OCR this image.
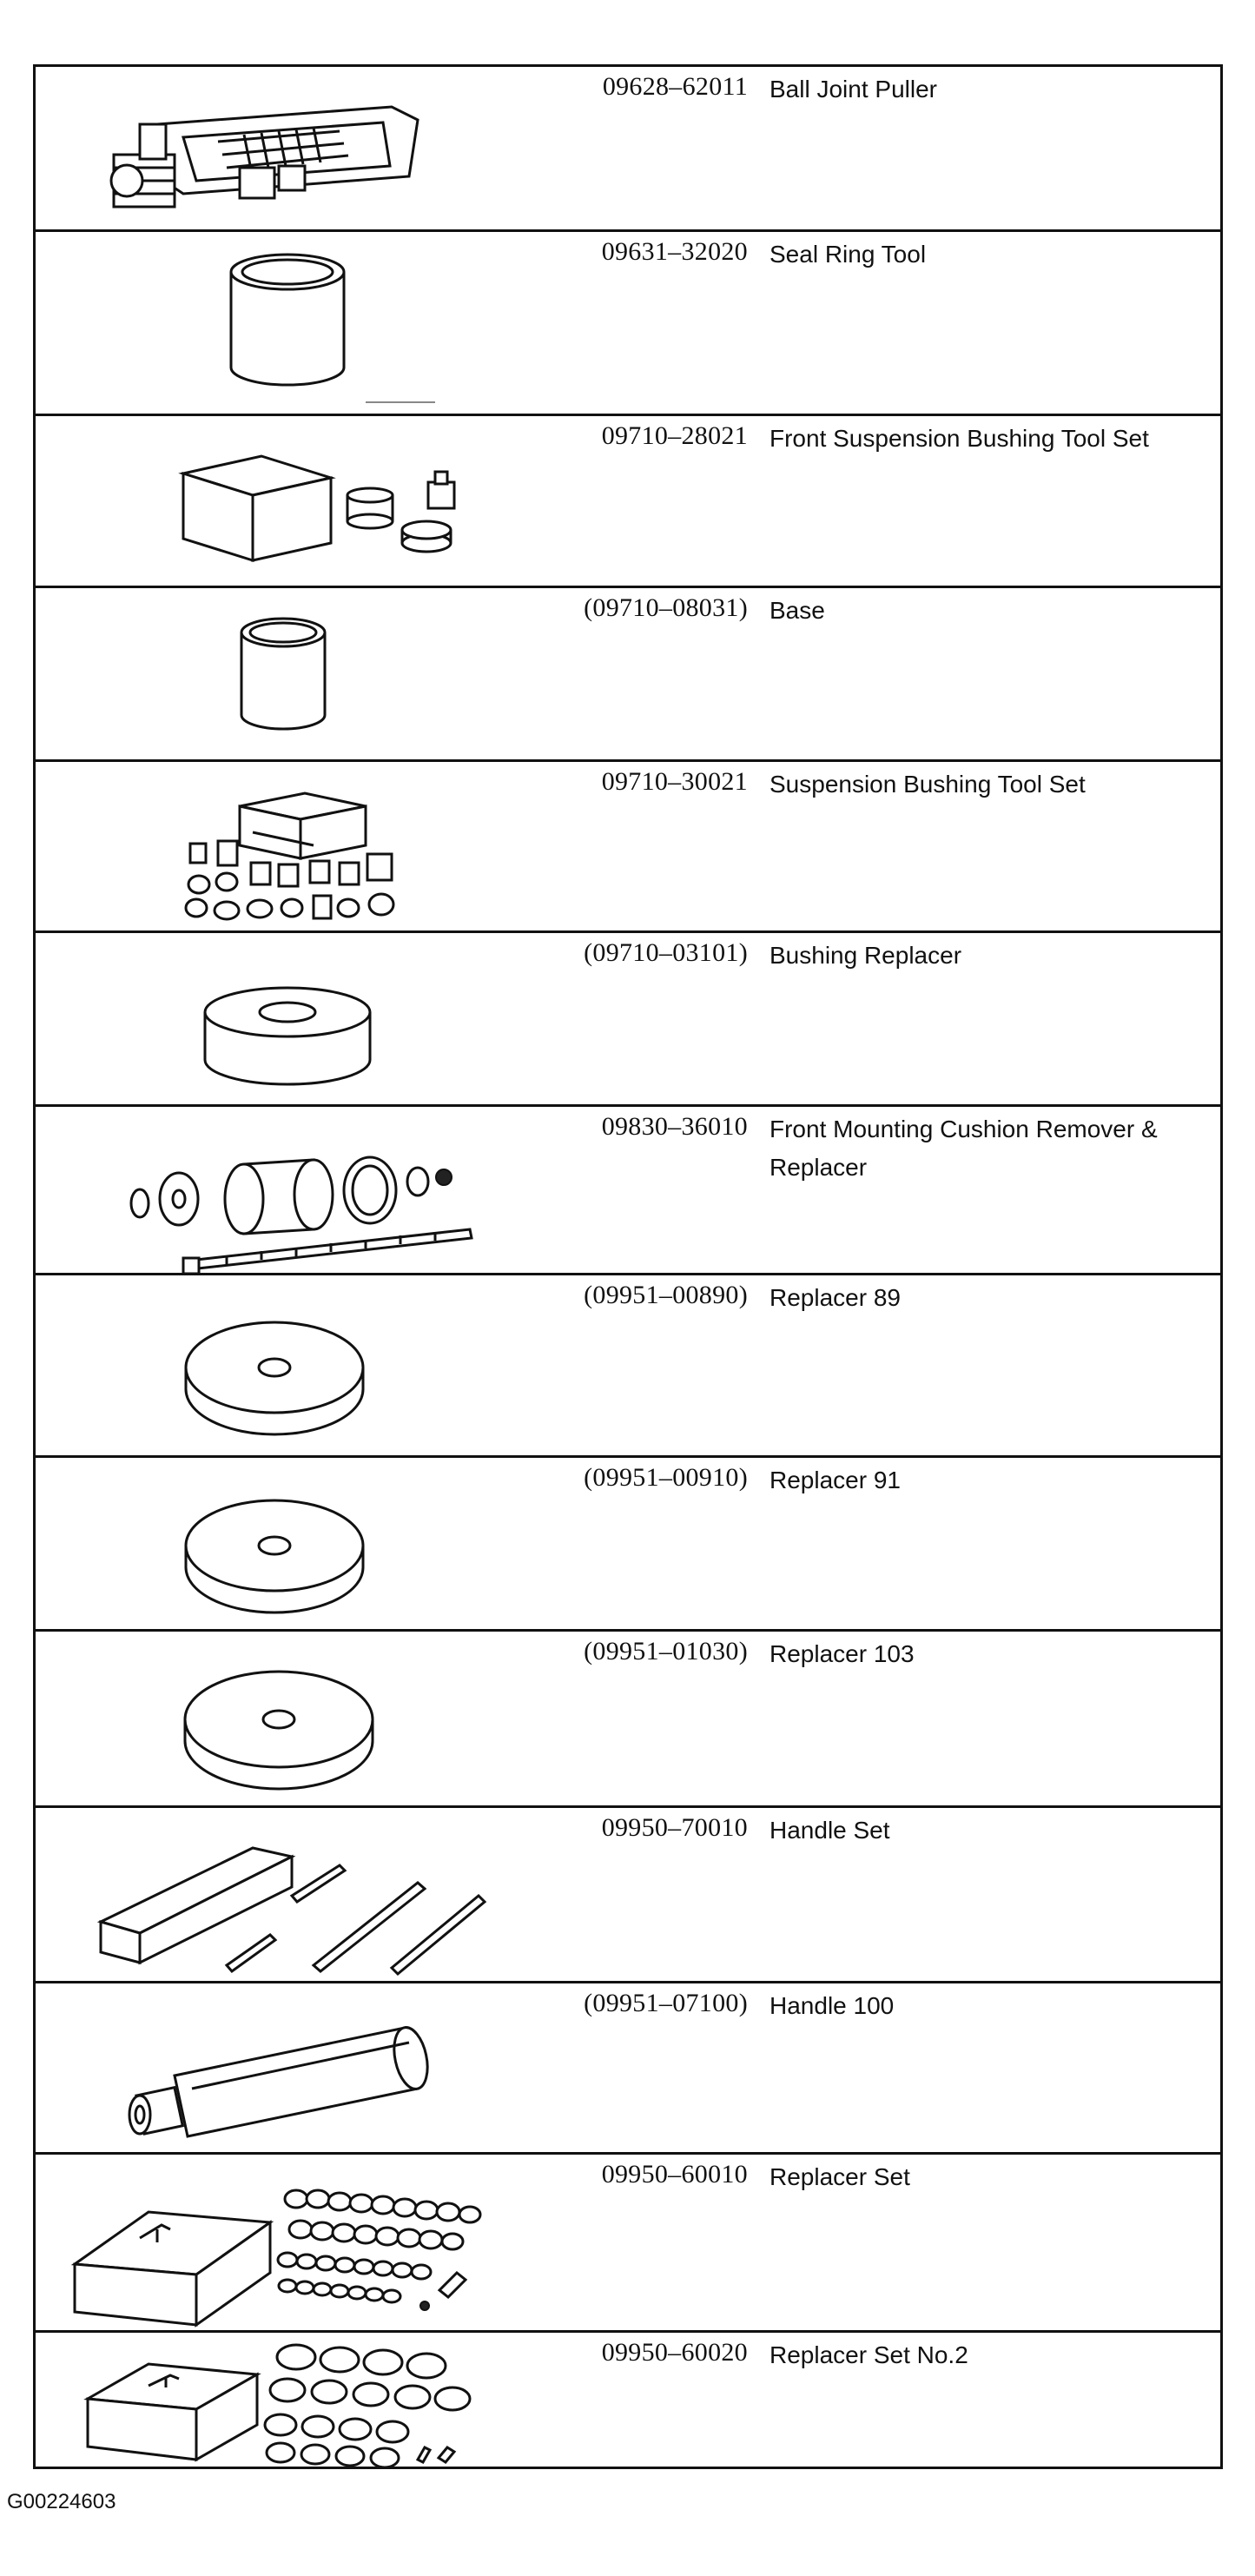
09628–62011 Ball Joint Puller
09631–32020 Seal Ring Tool
09710–28021 Front Suspension Bushing Tool Set
(09710–08031) Base
09710–30021 Suspension Bushing Tool Set
(09710–03101) Bushing Replacer
09830–36010 Front Mounting Cushion Remover & Replacer
(09951–00890) Replacer 89
(09951–00910) Replacer 91
(09951–01030) Replacer 103
09950–70010 Handle Set
(09951–07100) Handle 100
09950–60010 Replacer Set
09950–60020 Replacer Set No.2
G00224603
